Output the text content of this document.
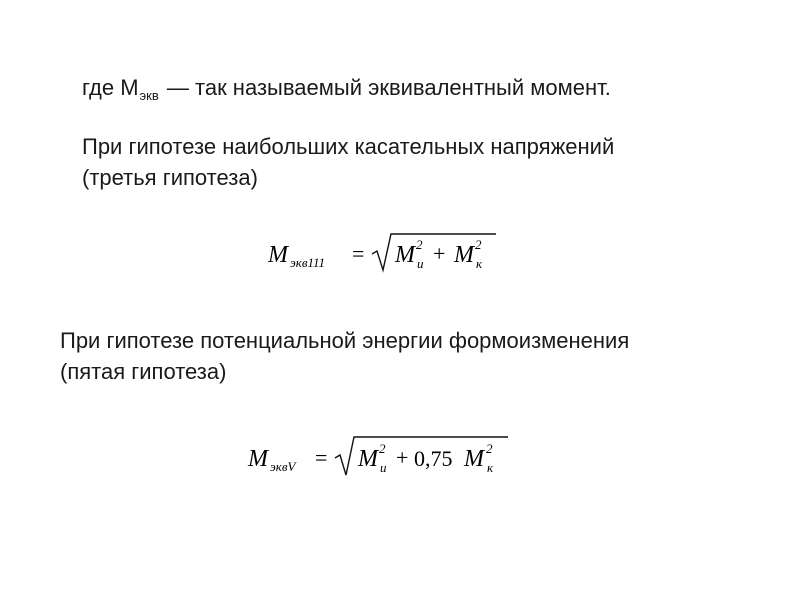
где $M_{экв}$ — так называемый эквивалентный момент.
При гипотезе наибольших касательных напряжений
(третья гипотеза)
M экв111 = M 2
и + M 2
к
При гипотезе потенциальной энергии формоизменения
(пятая гипотеза)
M эквV = M 2
и + 0,75 M 2
к
